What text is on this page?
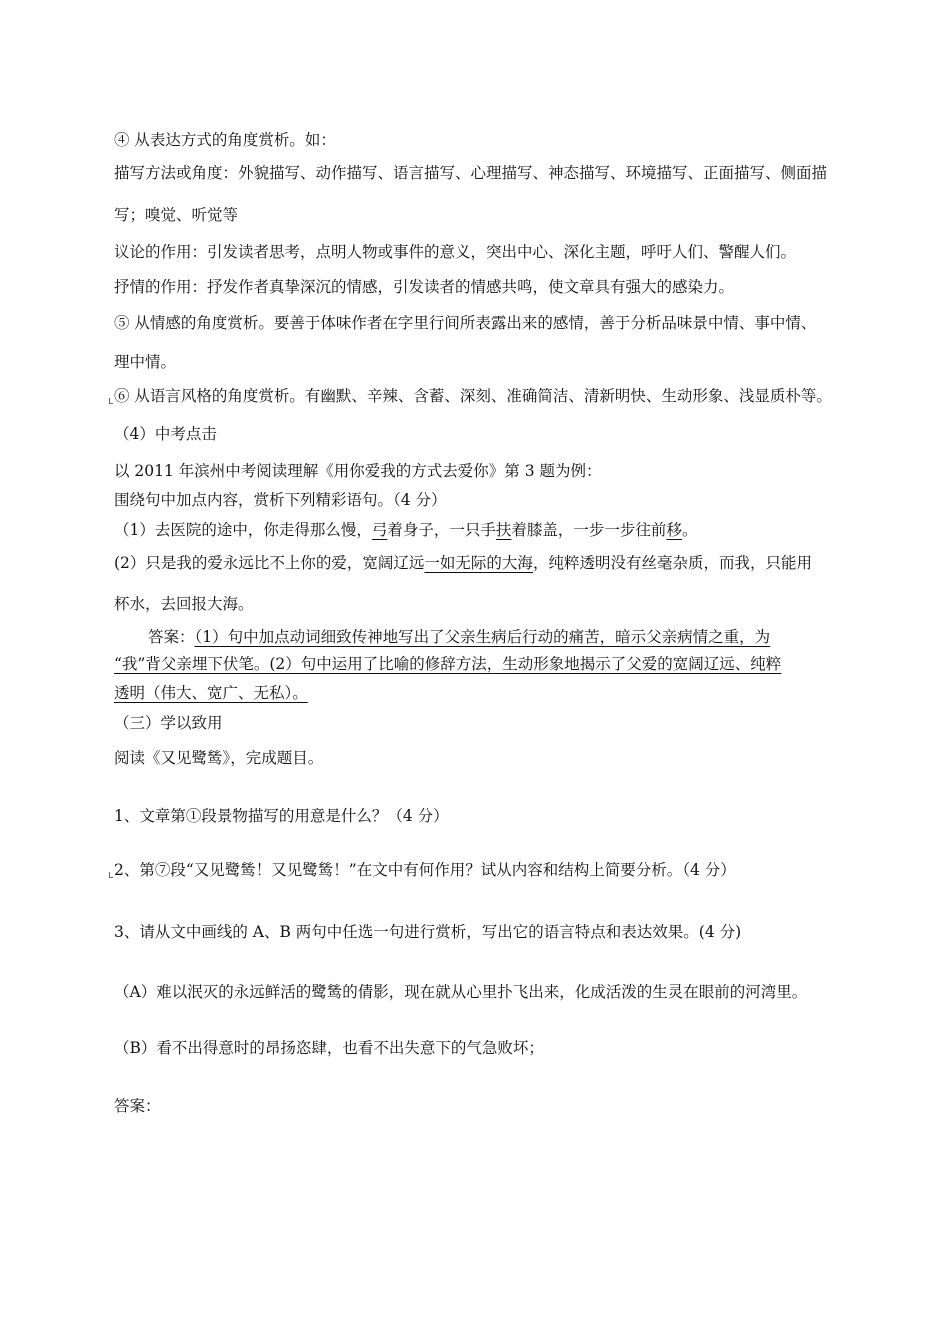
④ 从表达方式的角度赏析。如：
描写方法或角度：外貌描写、动作描写、语言描写、心理描写、神态描写、环境描写、正面描写、侧面描
写；嗅觉、听觉等
议论的作用：引发读者思考，点明人物或事件的意义，突出中心、深化主题，呼吁人们、警醒人们。
抒情的作用：抒发作者真挚深沉的情感，引发读者的情感共鸣，使文章具有强大的感染力。
⑤ 从情感的角度赏析。要善于体味作者在字里行间所表露出来的感情，善于分析品味景中情、事中情、
理中情。
⑥ 从语言风格的角度赏析。有幽默、辛辣、含蓄、深刻、准确简洁、清新明快、生动形象、浅显质朴等。
（4）中考点击
以 2011 年滨州中考阅读理解《用你爱我的方式去爱你》第 3 题为例：
围绕句中加点内容，赏析下列精彩语句。（4 分）
（1）去医院的途中，你走得那么慢，弓着身子，一只手扶着膝盖，一步一步往前移。
(2）只是我的爱永远比不上你的爱，宽阔辽远一如无际的大海，纯粹透明没有丝毫杂质，而我，只能用
杯水，去回报大海。
答案：（1）句中加点动词细致传神地写出了父亲生病后行动的痛苦，暗示父亲病情之重，为
“我”背父亲埋下伏笔。(2）句中运用了比喻的修辞方法，生动形象地揭示了父爱的宽阔辽远、纯粹
透明（伟大、宽广、无私）。
（三）学以致用
阅读《又见鹭鸶》，完成题目。
1、文章第①段景物描写的用意是什么？（4 分）
2、第⑦段“又见鹭鸶！又见鹭鸶！”在文中有何作用？试从内容和结构上简要分析。（4 分）
3、请从文中画线的 A、B 两句中任选一句进行赏析，写出它的语言特点和表达效果。(4 分)
（A）难以泯灭的永远鲜活的鹭鸶的倩影，现在就从心里扑飞出来，化成活泼的生灵在眼前的河湾里。
（B）看不出得意时的昂扬恣肆，也看不出失意下的气急败坏；
答案：
